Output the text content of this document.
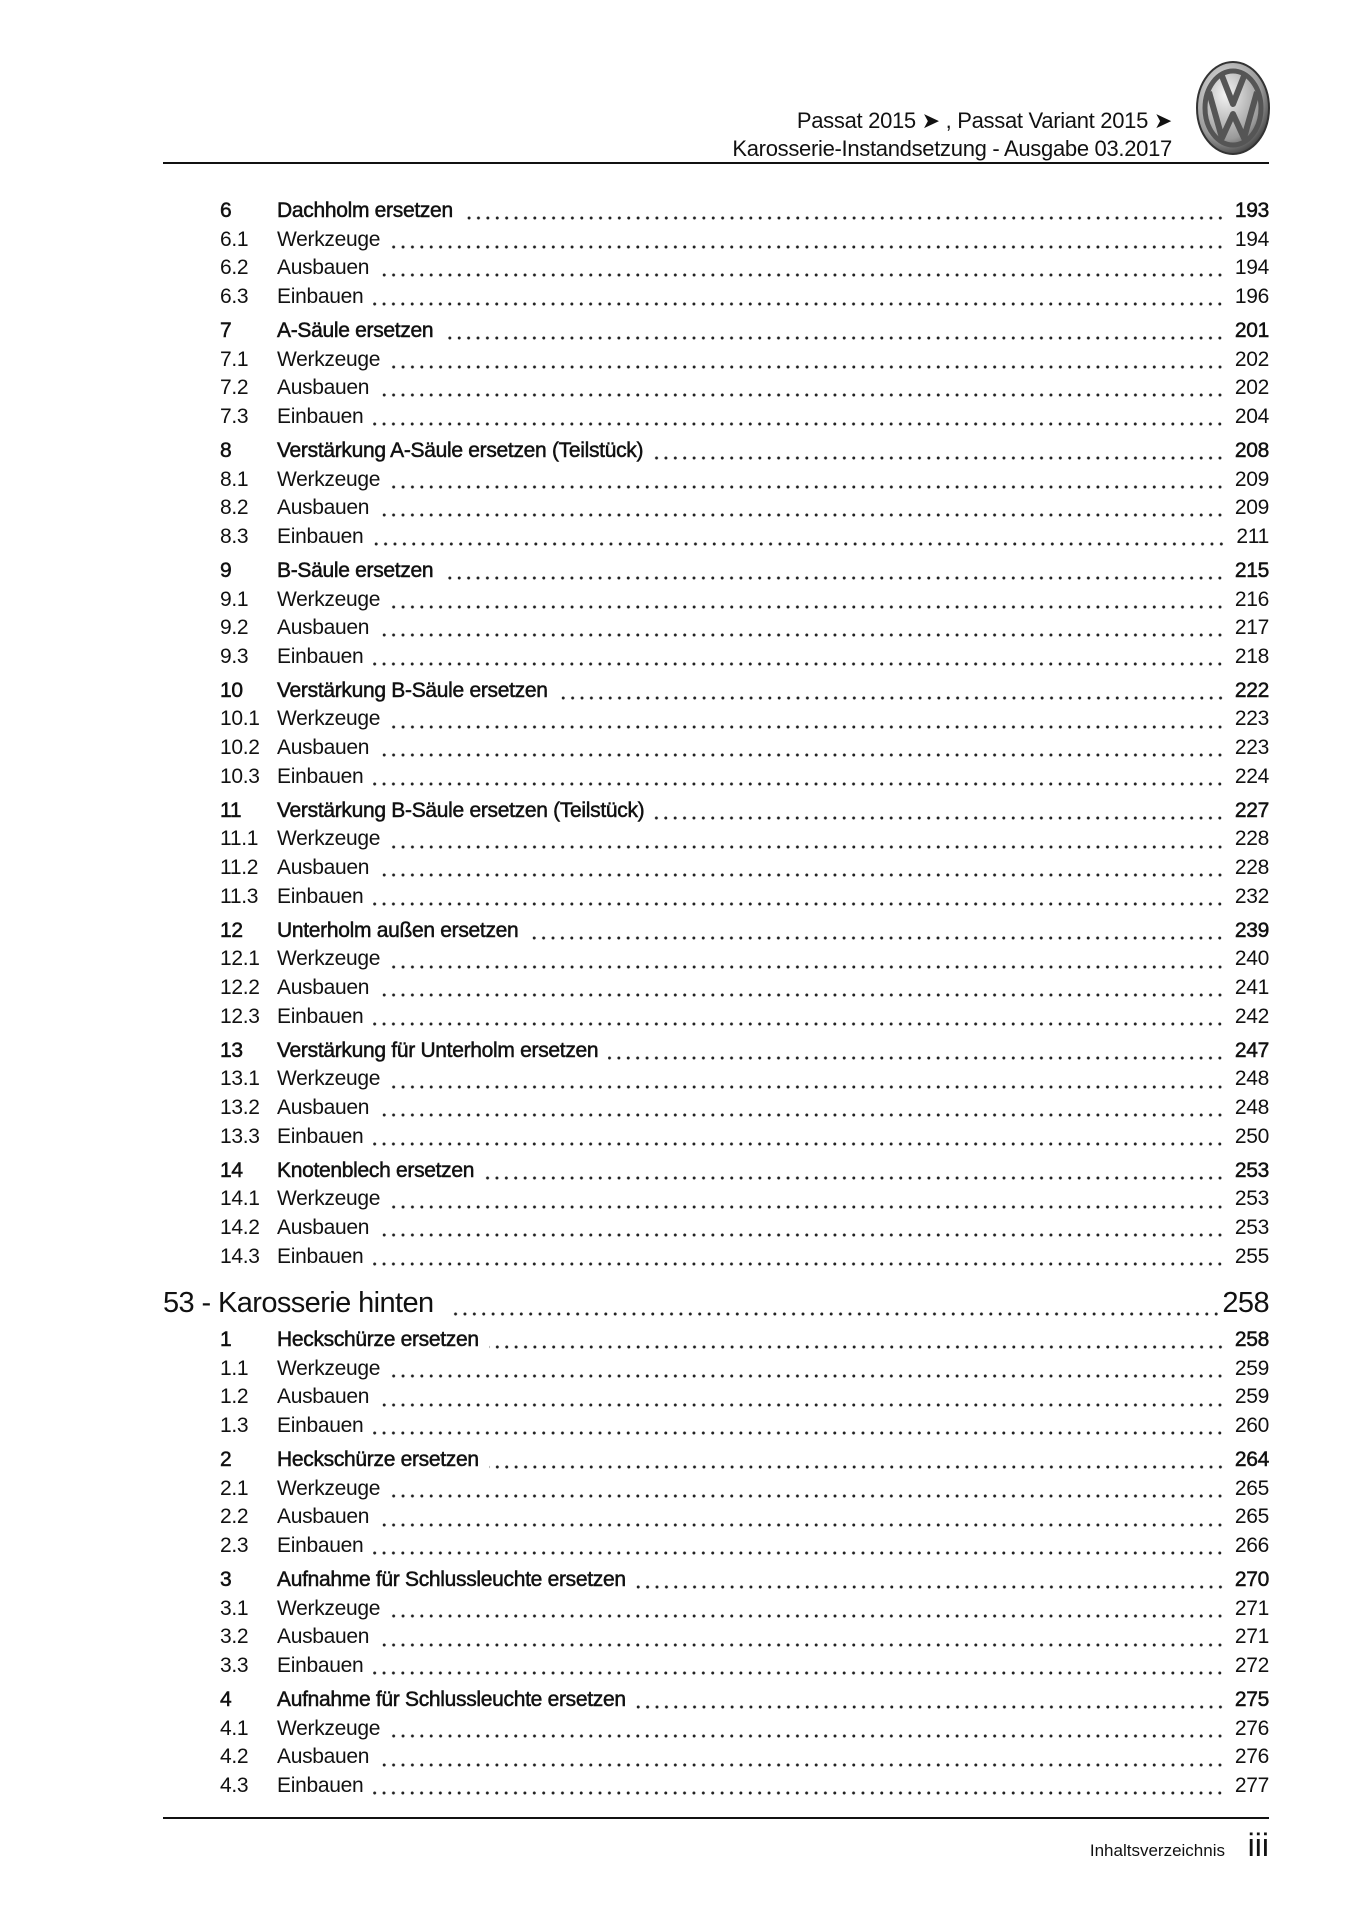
Passat 2015 ➤ , Passat Variant 2015 ➤
Karosserie-Instandsetzung - Ausgabe 03.2017
6	Dachholm ersetzen	193
6.1	Werkzeuge	194
6.2	Ausbauen	194
6.3	Einbauen	196
7	A-Säule ersetzen	201
7.1	Werkzeuge	202
7.2	Ausbauen	202
7.3	Einbauen	204
8	Verstärkung A-Säule ersetzen (Teilstück)	208
8.1	Werkzeuge	209
8.2	Ausbauen	209
8.3	Einbauen	211
9	B-Säule ersetzen	215
9.1	Werkzeuge	216
9.2	Ausbauen	217
9.3	Einbauen	218
10	Verstärkung B-Säule ersetzen	222
10.1 Werkzeuge	223
10.2 Ausbauen	223
10.3 Einbauen	224
11	Verstärkung B-Säule ersetzen (Teilstück)	227
11.1 Werkzeuge	228
11.2 Ausbauen	228
11.3 Einbauen	232
12	Unterholm außen ersetzen	239
12.1 Werkzeuge	240
12.2 Ausbauen	241
12.3 Einbauen	242
13	Verstärkung für Unterholm ersetzen	247
13.1 Werkzeuge	248
13.2 Ausbauen	248
13.3 Einbauen	250
14	Knotenblech ersetzen	253
14.1 Werkzeuge	253
14.2 Ausbauen	253
14.3 Einbauen	255
53 - Karosserie hinten	258
1	Heckschürze ersetzen	258
1.1	Werkzeuge	259
1.2	Ausbauen	259
1.3	Einbauen	260
2	Heckschürze ersetzen	264
2.1	Werkzeuge	265
2.2	Ausbauen	265
2.3	Einbauen	266
3	Aufnahme für Schlussleuchte ersetzen	270
3.1	Werkzeuge	271
3.2	Ausbauen	271
3.3	Einbauen	272
4	Aufnahme für Schlussleuchte ersetzen	275
4.1	Werkzeuge	276
4.2	Ausbauen	276
4.3	Einbauen	277
Inhaltsverzeichnis iii
